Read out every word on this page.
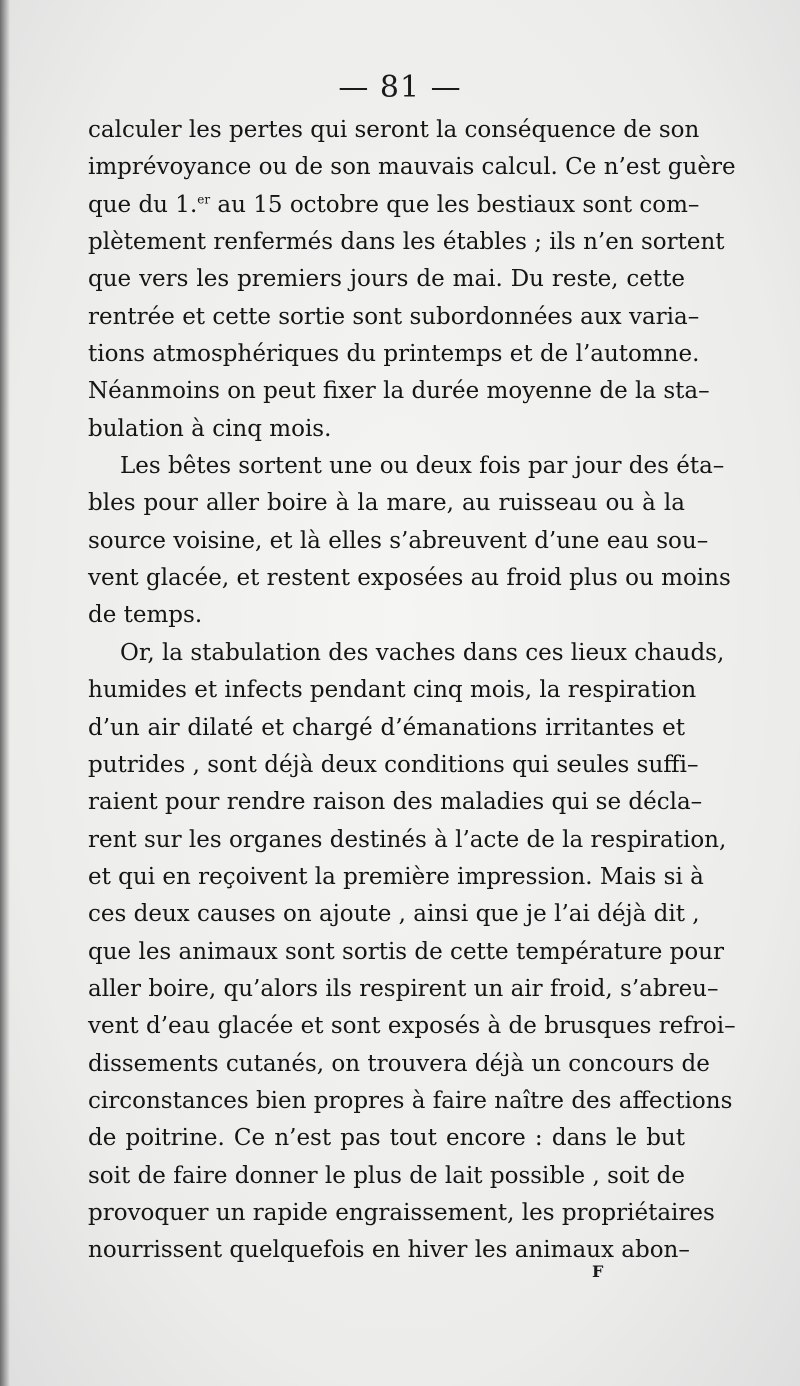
— 81 —
calculer les pertes qui seront la conséquence de son
imprévoyance ou de son mauvais calcul. Ce n’est guère
que du 1.$^{er}$ au 15 octobre que les bestiaux sont com–
plètement renfermés dans les étables ; ils n’en sortent
que vers les premiers jours de mai. Du reste, cette
rentrée et cette sortie sont subordonnées aux varia–
tions atmosphériques du printemps et de l’automne.
Néanmoins on peut fixer la durée moyenne de la sta–
bulation à cinq mois.
Les bêtes sortent une ou deux fois par jour des éta–
bles pour aller boire à la mare, au ruisseau ou à la
source voisine, et là elles s’abreuvent d’une eau sou–
vent glacée, et restent exposées au froid plus ou moins
de temps.
Or, la stabulation des vaches dans ces lieux chauds,
humides et infects pendant cinq mois, la respiration
d’un air dilaté et chargé d’émanations irritantes et
putrides , sont déjà deux conditions qui seules suffi–
raient pour rendre raison des maladies qui se décla–
rent sur les organes destinés à l’acte de la respiration,
et qui en reçoivent la première impression. Mais si à
ces deux causes on ajoute , ainsi que je l’ai déjà dit ,
que les animaux sont sortis de cette température pour
aller boire, qu’alors ils respirent un air froid, s’abreu–
vent d’eau glacée et sont exposés à de brusques refroi–
dissements cutanés, on trouvera déjà un concours de
circonstances bien propres à faire naître des affections
de poitrine. Ce n’est pas tout encore : dans le but
soit de faire donner le plus de lait possible , soit de
provoquer un rapide engraissement, les propriétaires
nourrissent quelquefois en hiver les animaux abon–
F
